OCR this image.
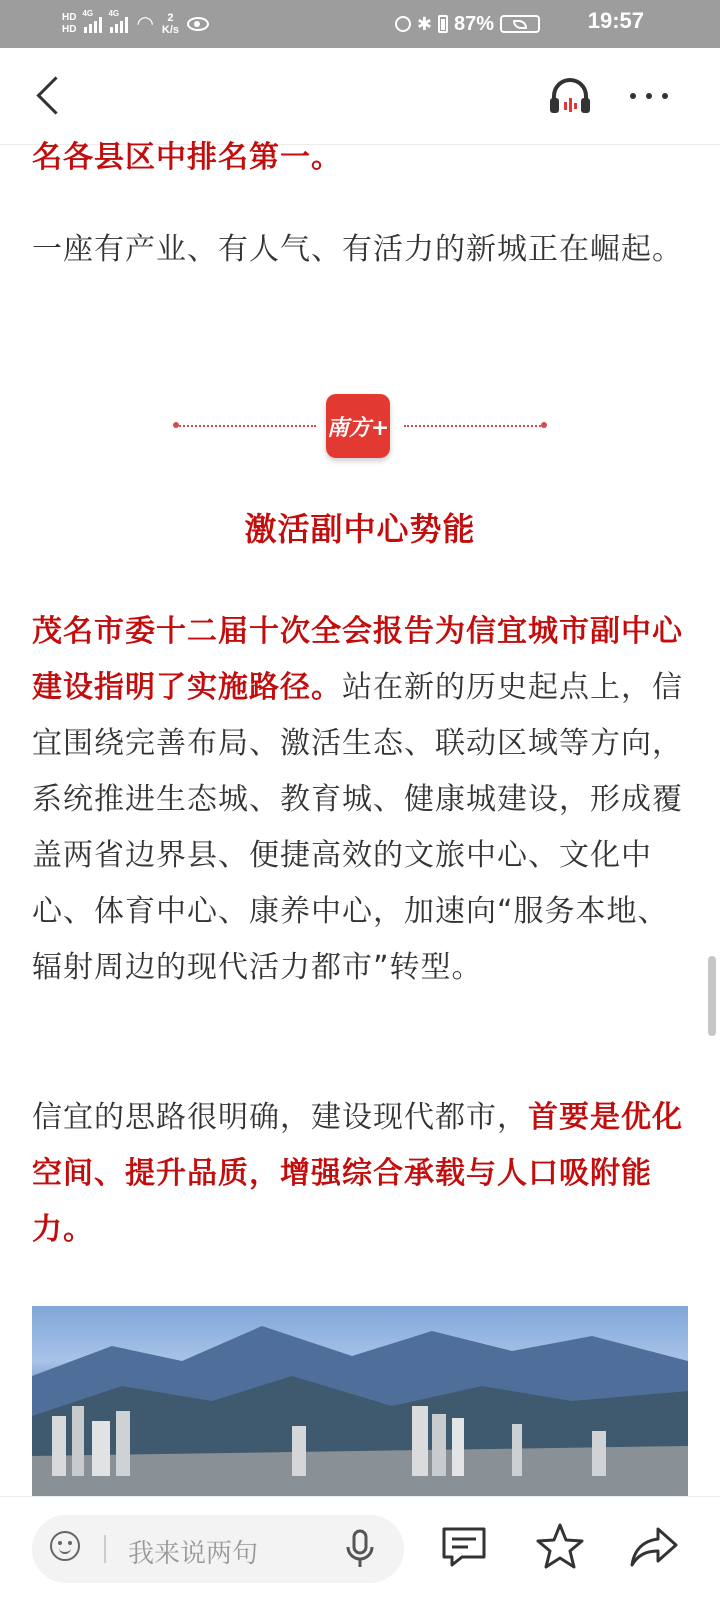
HD
HD
4G 4G ◠ 2
K/s	✱ 87%	19:57
名各县区中排名第一。

一座有产业、有人气、有活力的新城正在崛起。

南方+
激活副中心势能

茂名市委十二届十次全会报告为信宜城市副中心建设指明了实施路径。站在新的历史起点上，信宜围绕完善布局、激活生态、联动区域等方向，系统推进生态城、教育城、健康城建设，形成覆盖两省边界县、便捷高效的文旅中心、文化中心、体育中心、康养中心，加速向“服务本地、辐射周边的现代活力都市”转型。

信宜的思路很明确，建设现代都市，首要是优化空间、提升品质，增强综合承载与人口吸附能力。

我来说两句
